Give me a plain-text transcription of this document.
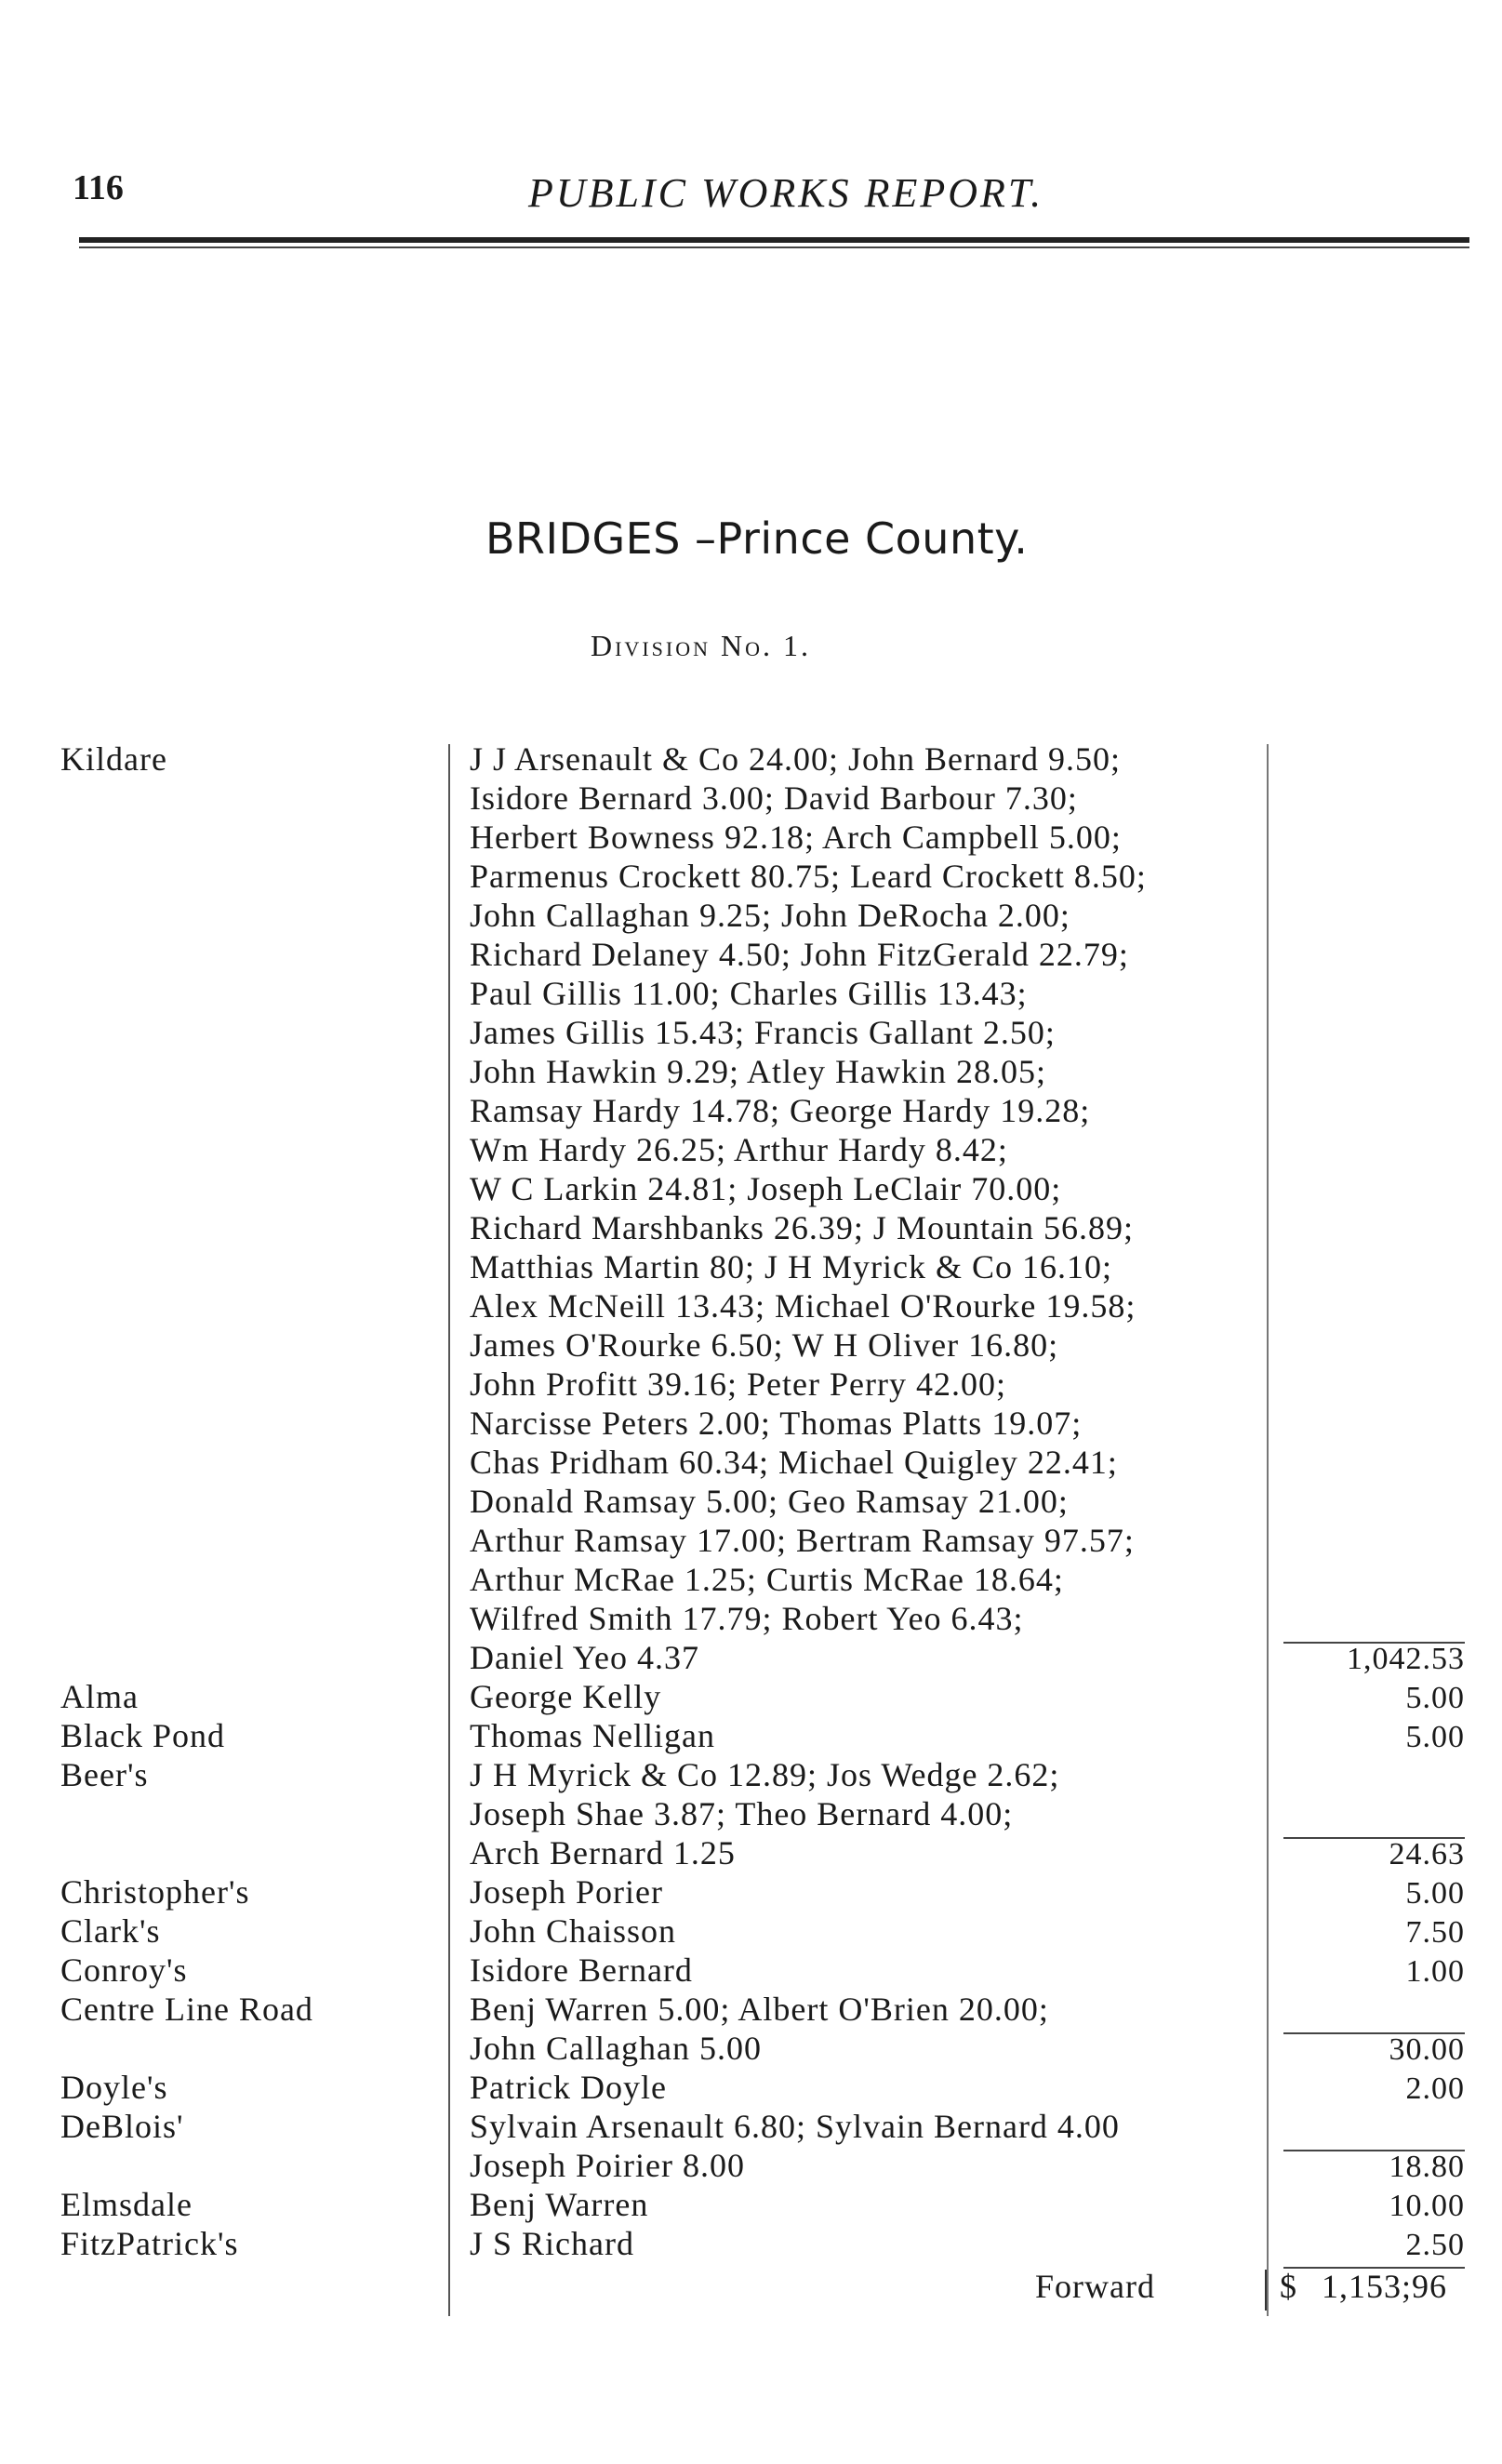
116	PUBLIC WORKS REPORT.
BRIDGES –Prince County.
Division No. 1.
Kildare
Alma
Black Pond
Beer's
Christopher's
Clark's
Conroy's
Centre Line Road
Doyle's
DeBlois'
Elmsdale
FitzPatrick's
J J Arsenault & Co 24.00; John Bernard 9.50;
Isidore Bernard 3.00; David Barbour 7.30;
Herbert Bowness 92.18; Arch Campbell 5.00;
Parmenus Crockett 80.75; Leard Crockett 8.50;
John Callaghan 9.25; John DeRocha 2.00;
Richard Delaney 4.50; John FitzGerald 22.79;
Paul Gillis 11.00; Charles Gillis 13.43;
James Gillis 15.43; Francis Gallant 2.50;
John Hawkin 9.29; Atley Hawkin 28.05;
Ramsay Hardy 14.78; George Hardy 19.28;
Wm Hardy 26.25; Arthur Hardy 8.42;
W C Larkin 24.81; Joseph LeClair 70.00;
Richard Marshbanks 26.39; J Mountain 56.89;
Matthias Martin 80; J H Myrick & Co 16.10;
Alex McNeill 13.43; Michael O'Rourke 19.58;
James O'Rourke 6.50; W H Oliver 16.80;
John Profitt 39.16; Peter Perry 42.00;
Narcisse Peters 2.00; Thomas Platts 19.07;
Chas Pridham 60.34; Michael Quigley 22.41;
Donald Ramsay 5.00; Geo Ramsay 21.00;
Arthur Ramsay 17.00; Bertram Ramsay 97.57;
Arthur McRae 1.25; Curtis McRae 18.64;
Wilfred Smith 17.79; Robert Yeo 6.43;
Daniel Yeo 4.37
George Kelly
Thomas Nelligan
J H Myrick & Co 12.89; Jos Wedge 2.62;
Joseph Shae 3.87; Theo Bernard 4.00;
Arch Bernard 1.25
Joseph Porier
John Chaisson
Isidore Bernard
Benj Warren 5.00; Albert O'Brien 20.00;
John Callaghan 5.00
Patrick Doyle
Sylvain Arsenault 6.80; Sylvain Bernard 4.00
Joseph Poirier 8.00
Benj Warren
J S Richard
1,042.53
5.00
5.00
24.63
5.00
7.50
1.00
30.00
2.00
18.80
10.00
2.50
Forward	$ 1,153;96
